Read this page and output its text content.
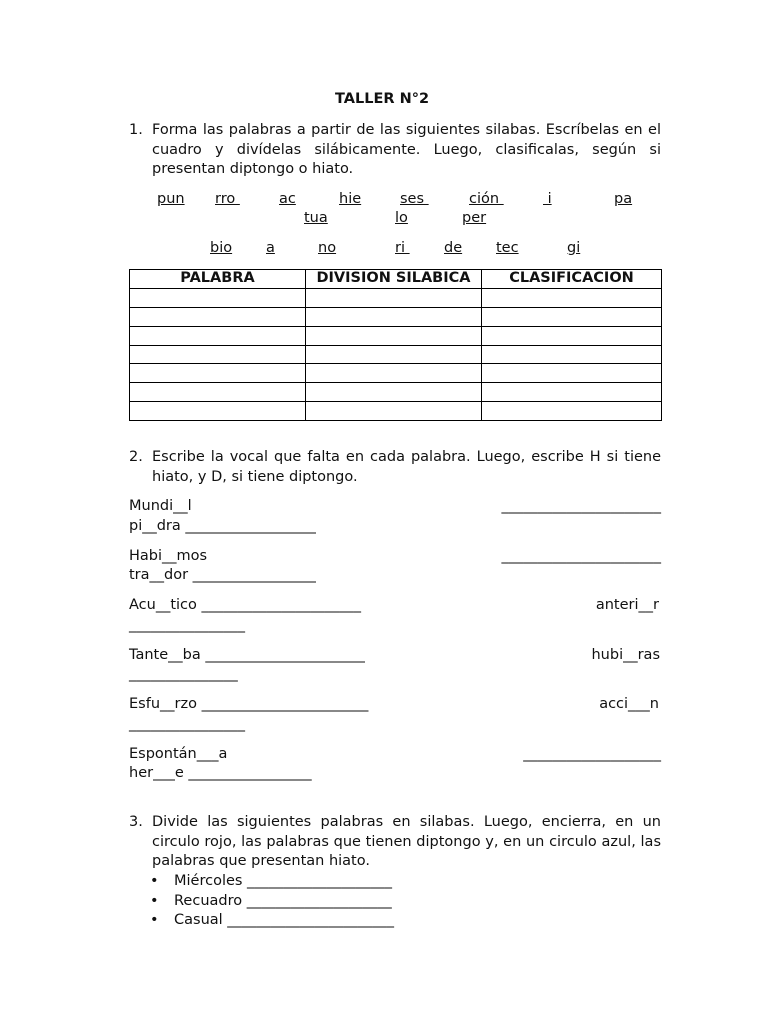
TALLER N°2
1. Forma las palabras a partir de las siguientes silabas. Escríbelas en el cuadro y divídelas silábicamente. Luego, clasificalas, según si presentan diptongo o hiato.
pun rro	ac	hie	ses	ción	i	pa
tua	lo	per
bio a	no	ri de tec	gi
PALABRA	DIVISION SILABICA	CLASIFICACION

2. Escribe la vocal que falta en cada palabra. Luego, escribe H si tiene hiato, y D, si tiene diptongo.
Mundi__l	______________________
pi__dra __________________
Habi__mos	______________________
tra__dor _________________
Acu__tico ______________________	anteri__r
________________
Tante__ba ______________________	hubi__ras
_______________
Esfu__rzo _______________________	acci___n
________________
Espontán___a	___________________
her___e _________________
3. Divide las siguientes palabras en silabas. Luego, encierra, en un circulo rojo, las palabras que tienen diptongo y, en un circulo azul, las palabras que presentan hiato.
• Miércoles ____________________
• Recuadro ____________________
• Casual _______________________
